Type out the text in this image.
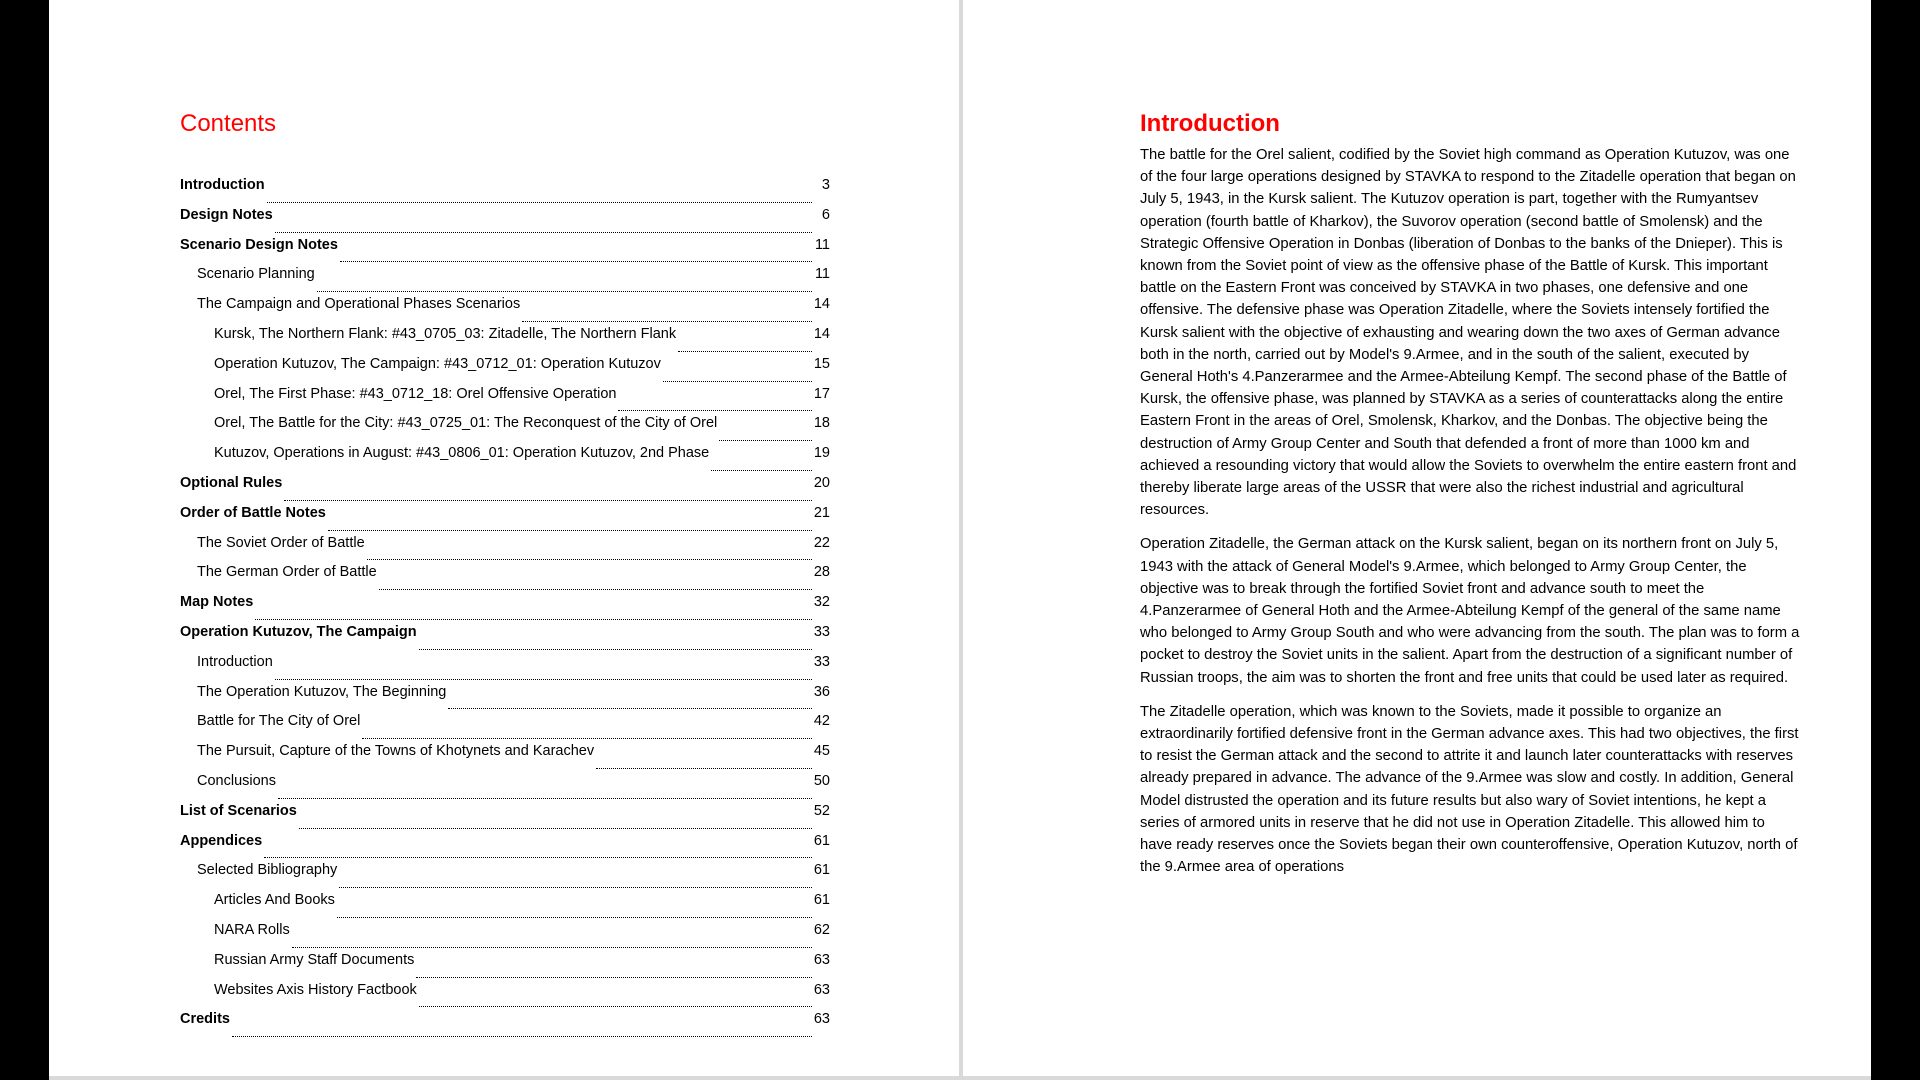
Contents
Introduction	3
Design Notes	6
Scenario Design Notes	11
Scenario Planning	11
The Campaign and Operational Phases Scenarios	14
Kursk, The Northern Flank: #43_0705_03: Zitadelle, The Northern Flank	14
Operation Kutuzov, The Campaign: #43_0712_01: Operation Kutuzov	15
Orel, The First Phase: #43_0712_18: Orel Offensive Operation	17
Orel, The Battle for the City: #43_0725_01: The Reconquest of the City of Orel	18
Kutuzov, Operations in August: #43_0806_01: Operation Kutuzov, 2nd Phase	19
Optional Rules	20
Order of Battle Notes	21
The Soviet Order of Battle	22
The German Order of Battle	28
Map Notes	32
Operation Kutuzov, The Campaign	33
Introduction	33
The Operation Kutuzov, The Beginning	36
Battle for The City of Orel	42
The Pursuit, Capture of the Towns of Khotynets and Karachev	45
Conclusions	50
List of Scenarios	52
Appendices	61
Selected Bibliography	61
Articles And Books	61
NARA Rolls	62
Russian Army Staff Documents	63
Websites Axis History Factbook	63
Credits	63
Introduction

The battle for the Orel salient, codified by the Soviet high command as Operation Kutuzov, was one of the four large operations designed by STAVKA to respond to the Zitadelle operation that began on July 5, 1943, in the Kursk salient. The Kutuzov operation is part, together with the Rumyantsev operation (fourth battle of Kharkov), the Suvorov operation (second battle of Smolensk) and the Strategic Offensive Operation in Donbas (liberation of Donbas to the banks of the Dnieper). This is known from the Soviet point of view as the offensive phase of the Battle of Kursk. This important battle on the Eastern Front was conceived by STAVKA in two phases, one defensive and one offensive. The defensive phase was Operation Zitadelle, where the Soviets intensely fortified the Kursk salient with the objective of exhausting and wearing down the two axes of German advance both in the north, carried out by Model's 9.Armee, and in the south of the salient, executed by General Hoth's 4.Panzerarmee and the Armee-Abteilung Kempf. The second phase of the Battle of Kursk, the offensive phase, was planned by STAVKA as a series of counterattacks along the entire Eastern Front in the areas of Orel, Smolensk, Kharkov, and the Donbas. The objective being the destruction of Army Group Center and South that defended a front of more than 1000 km and achieved a resounding victory that would allow the Soviets to overwhelm the entire eastern front and thereby liberate large areas of the USSR that were also the richest industrial and agricultural resources.

Operation Zitadelle, the German attack on the Kursk salient, began on its northern front on July 5, 1943 with the attack of General Model's 9.Armee, which belonged to Army Group Center, the objective was to break through the fortified Soviet front and advance south to meet the 4.Panzerarmee of General Hoth and the Armee-Abteilung Kempf of the general of the same name who belonged to Army Group South and who were advancing from the south. The plan was to form a pocket to destroy the Soviet units in the salient. Apart from the destruction of a significant number of Russian troops, the aim was to shorten the front and free units that could be used later as required.

The Zitadelle operation, which was known to the Soviets, made it possible to organize an extraordinarily fortified defensive front in the German advance axes. This had two objectives, the first to resist the German attack and the second to attrite it and launch later counterattacks with reserves already prepared in advance. The advance of the 9.Armee was slow and costly. In addition, General Model distrusted the operation and its future results but also wary of Soviet intentions, he kept a series of armored units in reserve that he did not use in Operation Zitadelle. This allowed him to have ready reserves once the Soviets began their own counteroffensive, Operation Kutuzov, north of the 9.Armee area of operations
